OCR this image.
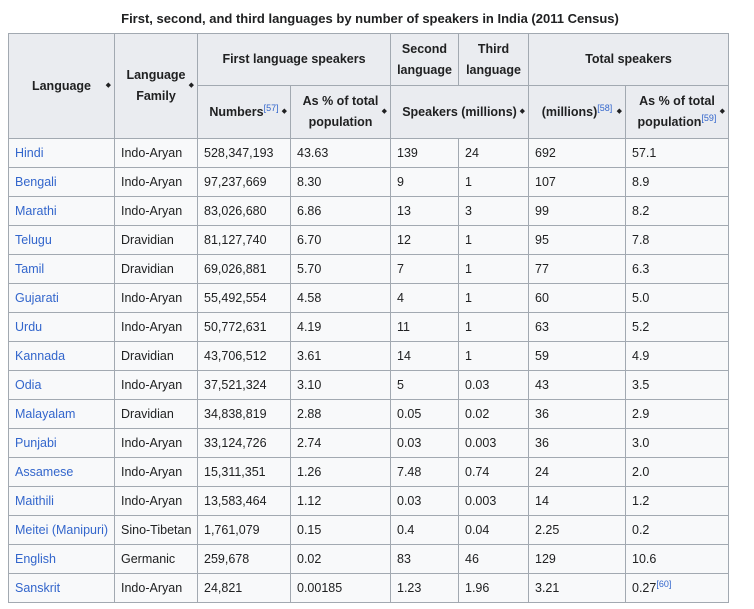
First, second, and third languages by number of speakers in India (2011 Census)
Language ◆	Language Family
◆	First language speakers		Second language	Third language	Total speakers	
		Numbers[57] ◆	As % of total population
◆	Speakers (millions) ◆		(millions)[58] ◆	As % of total population[59]
◆

Hindi	Indo-Aryan	528,347,193	43.63	139	24	692	57.1
Bengali	Indo-Aryan	97,237,669	8.30	9	1	107	8.9
Marathi	Indo-Aryan	83,026,680	6.86	13	3	99	8.2
Telugu	Dravidian	81,127,740	6.70	12	1	95	7.8
Tamil	Dravidian	69,026,881	5.70	7	1	77	6.3
Gujarati	Indo-Aryan	55,492,554	4.58	4	1	60	5.0
Urdu	Indo-Aryan	50,772,631	4.19	11	1	63	5.2
Kannada	Dravidian	43,706,512	3.61	14	1	59	4.9
Odia	Indo-Aryan	37,521,324	3.10	5	0.03	43	3.5
Malayalam	Dravidian	34,838,819	2.88	0.05	0.02	36	2.9
Punjabi	Indo-Aryan	33,124,726	2.74	0.03	0.003	36	3.0
Assamese	Indo-Aryan	15,311,351	1.26	7.48	0.74	24	2.0
Maithili	Indo-Aryan	13,583,464	1.12	0.03	0.003	14	1.2
Meitei (Manipuri)	Sino-Tibetan	1,761,079	0.15	0.4	0.04	2.25	0.2
English	Germanic	259,678	0.02	83	46	129	10.6
Sanskrit	Indo-Aryan	24,821	0.00185	1.23	1.96	3.21	0.27[60]
